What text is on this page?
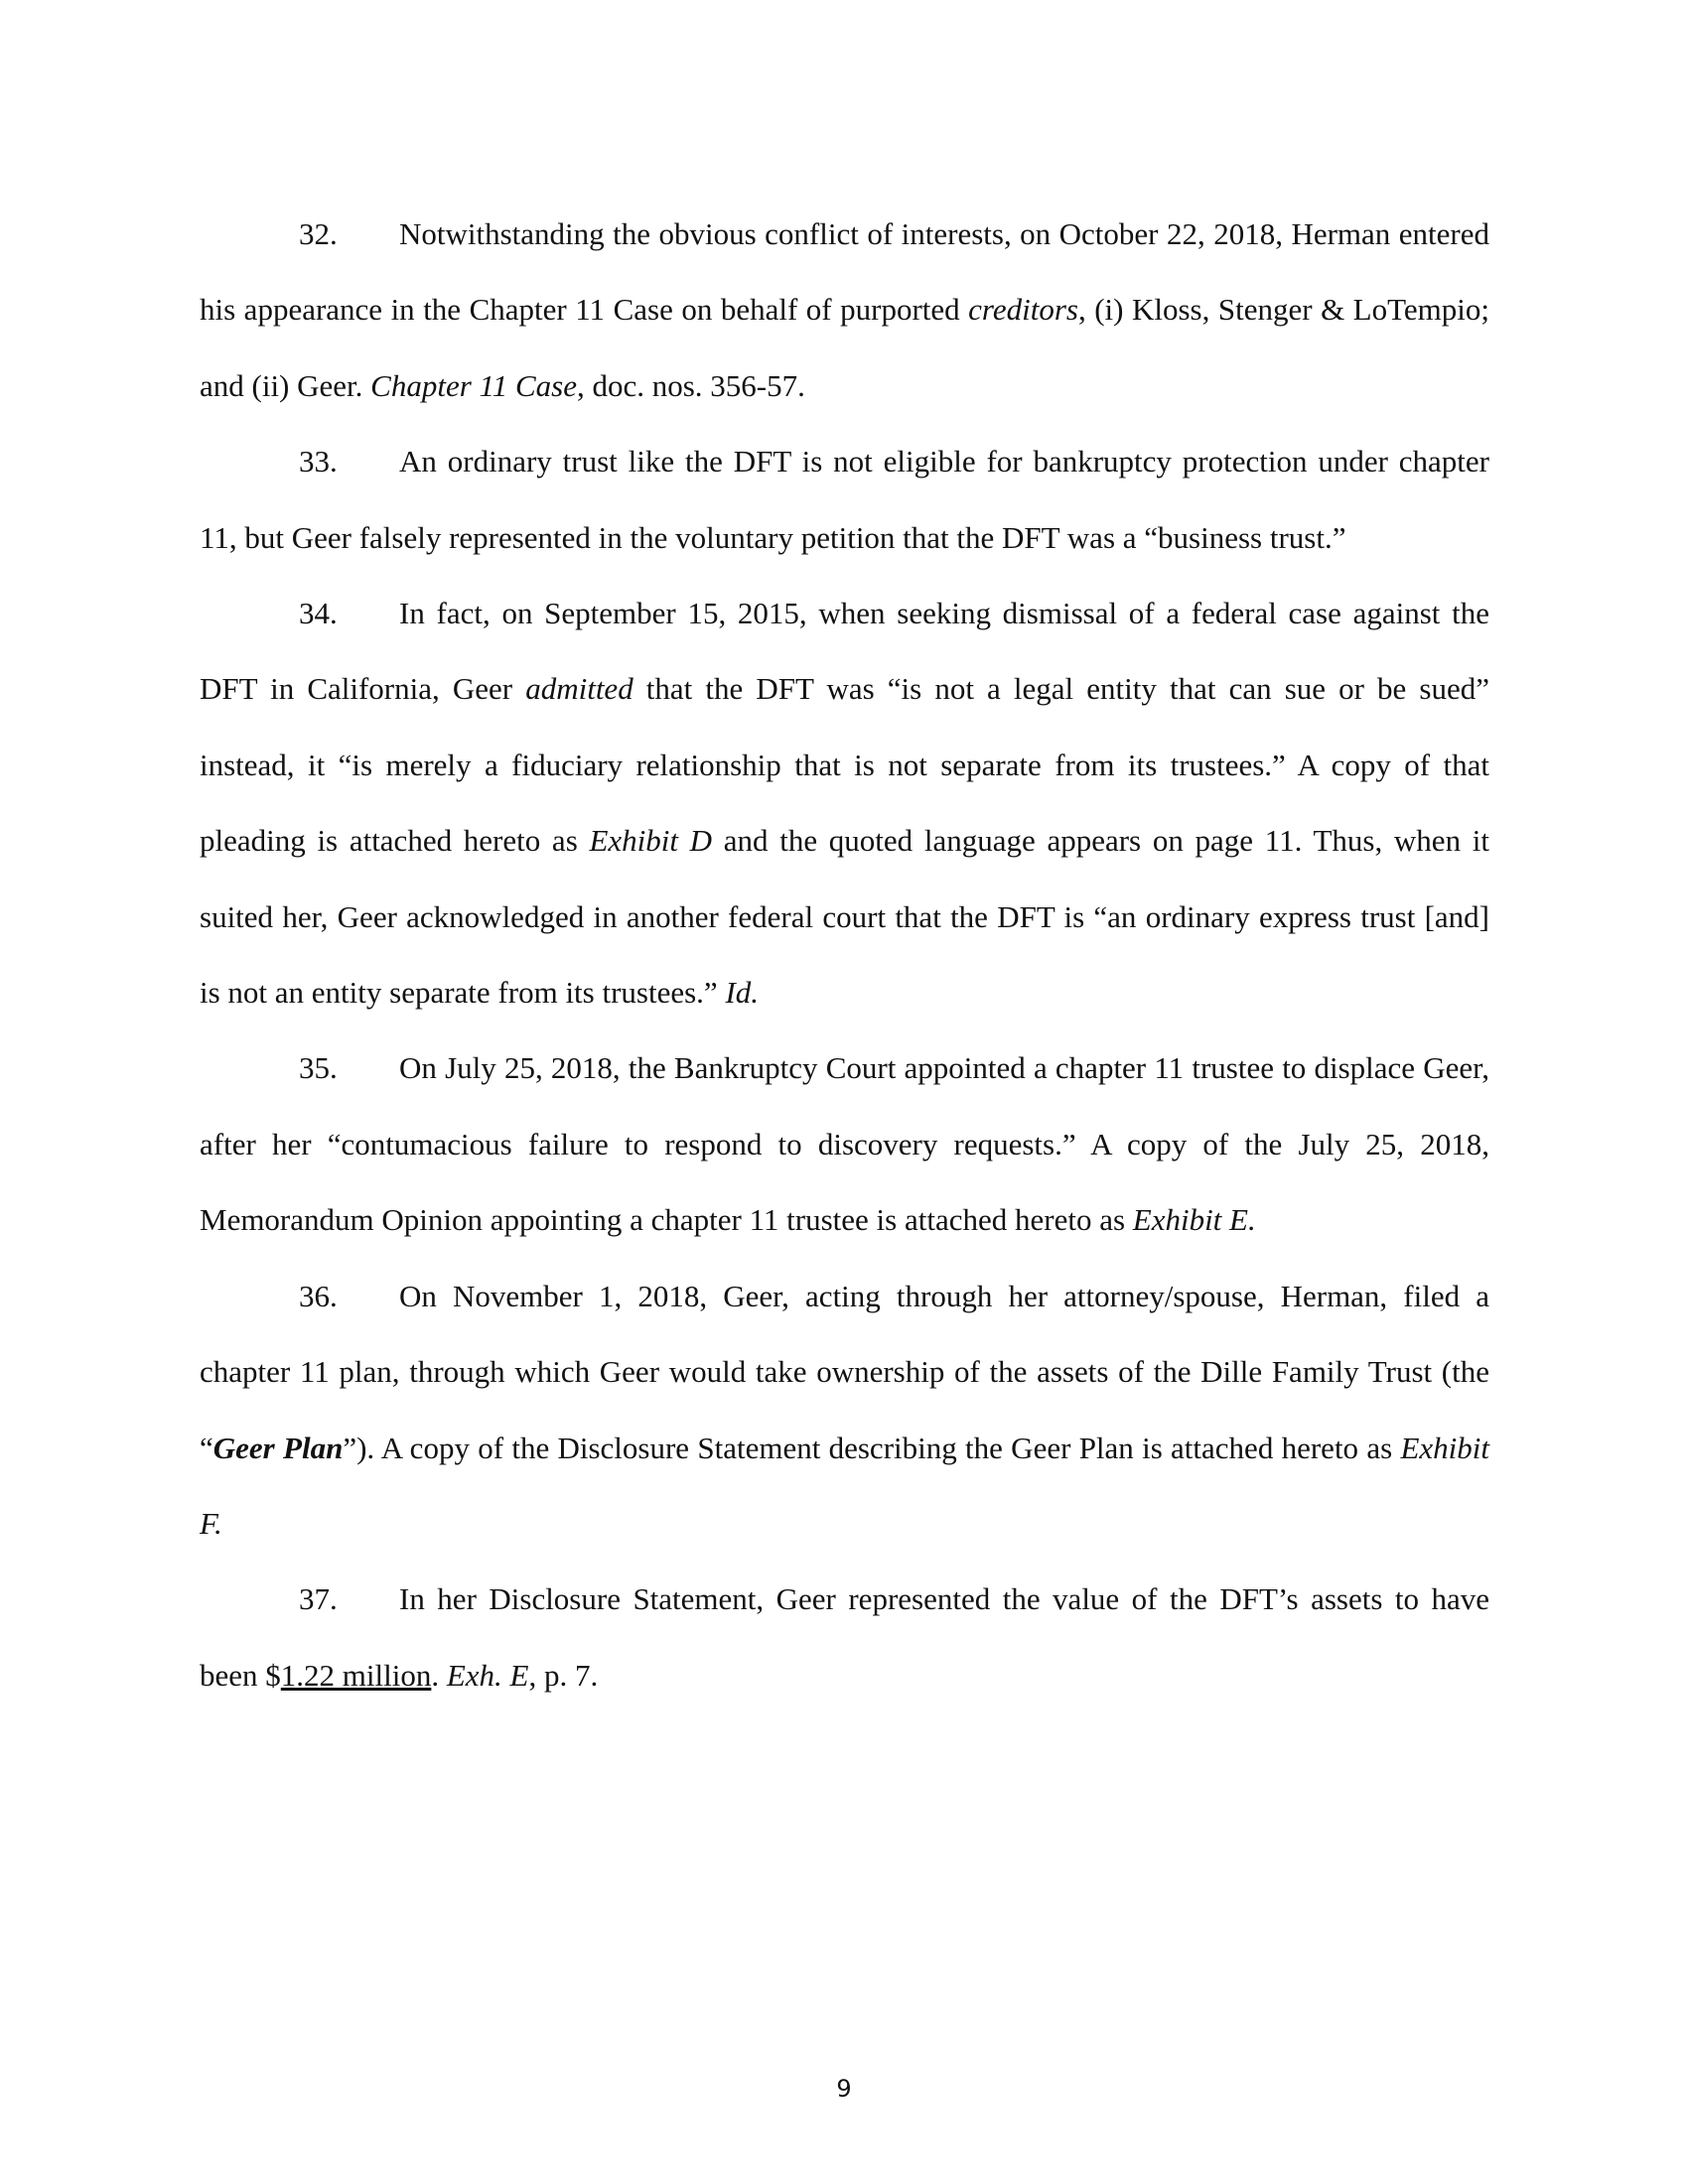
32. Notwithstanding the obvious conflict of interests, on October 22, 2018, Herman entered his appearance in the Chapter 11 Case on behalf of purported creditors, (i) Kloss, Stenger & LoTempio; and (ii) Geer. Chapter 11 Case, doc. nos. 356-57.

33. An ordinary trust like the DFT is not eligible for bankruptcy protection under chapter 11, but Geer falsely represented in the voluntary petition that the DFT was a “business trust.”

34. In fact, on September 15, 2015, when seeking dismissal of a federal case against the DFT in California, Geer admitted that the DFT was “is not a legal entity that can sue or be sued” instead, it “is merely a fiduciary relationship that is not separate from its trustees.” A copy of that pleading is attached hereto as Exhibit D and the quoted language appears on page 11. Thus, when it suited her, Geer acknowledged in another federal court that the DFT is “an ordinary express trust [and] is not an entity separate from its trustees.” Id.

35. On July 25, 2018, the Bankruptcy Court appointed a chapter 11 trustee to displace Geer, after her “contumacious failure to respond to discovery requests.” A copy of the July 25, 2018, Memorandum Opinion appointing a chapter 11 trustee is attached hereto as Exhibit E.

36. On November 1, 2018, Geer, acting through her attorney/spouse, Herman, filed a chapter 11 plan, through which Geer would take ownership of the assets of the Dille Family Trust (the “Geer Plan”). A copy of the Disclosure Statement describing the Geer Plan is attached hereto as Exhibit F.

37. In her Disclosure Statement, Geer represented the value of the DFT’s assets to have been $1.22 million. Exh. E, p. 7.

9
